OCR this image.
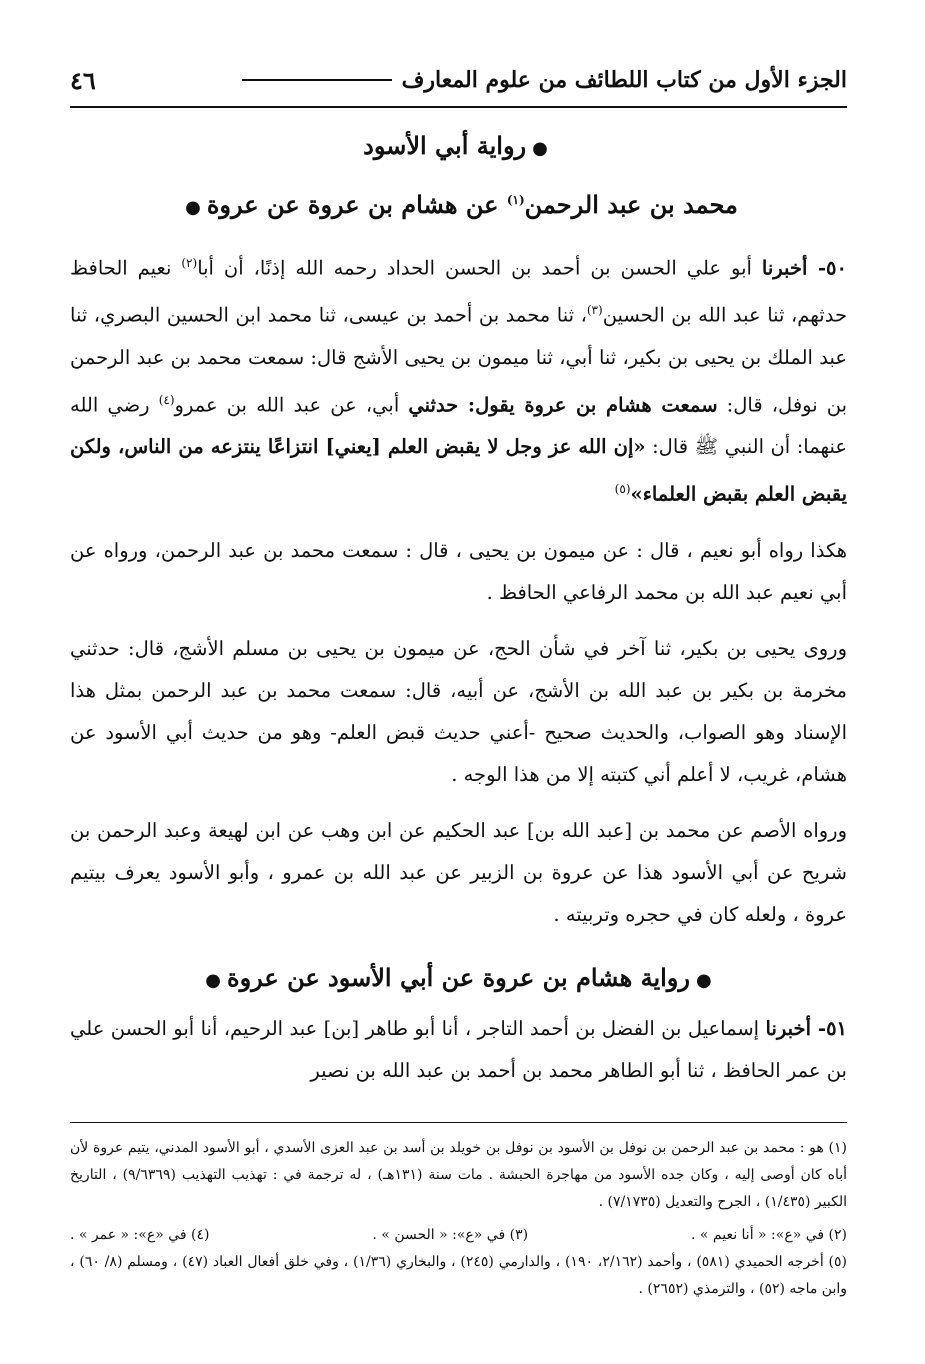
الجزء الأول من كتاب اللطائف من علوم المعارف
٤٦
●رواية أبي الأسود
محمد بن عبد الرحمن$^{(١)}$ عن هشام بن عروة عن عروة●

٥٠- أخبرنا أبو علي الحسن بن أحمد بن الحسن الحداد رحمه الله إذنًا، أن أبا$^{(٢)}$ نعيم الحافظ حدثهم، ثنا عبد الله بن الحسين$^{(٣)}$، ثنا محمد بن أحمد بن عيسى، ثنا محمد ابن الحسين البصري، ثنا عبد الملك بن يحيى بن بكير، ثنا أبي، ثنا ميمون بن يحيى الأشج قال: سمعت محمد بن عبد الرحمن بن نوفل، قال: سمعت هشام بن عروة يقول: حدثني أبي، عن عبد الله بن عمرو$^{(٤)}$ رضي الله عنهما: أن النبي ﷺ قال: «إن الله عز وجل لا يقبض العلم [يعني] انتزاعًا ينتزعه من الناس، ولكن يقبض العلم بقبض العلماء»$^{(٥)}$

هكذا رواه أبو نعيم ، قال : عن ميمون بن يحيى ، قال : سمعت محمد بن عبد الرحمن، ورواه عن أبي نعيم عبد الله بن محمد الرفاعي الحافظ .

وروى يحيى بن بكير، ثنا آخر في شأن الحج، عن ميمون بن يحيى بن مسلم الأشج، قال: حدثني مخرمة بن بكير بن عبد الله بن الأشج، عن أبيه، قال: سمعت محمد بن عبد الرحمن بمثل هذا الإسناد وهو الصواب، والحديث صحيح -أعني حديث قبض العلم- وهو من حديث أبي الأسود عن هشام، غريب، لا أعلم أني كتبته إلا من هذا الوجه .

ورواه الأصم عن محمد بن [عبد الله بن] عبد الحكيم عن ابن وهب عن ابن لهيعة وعبد الرحمن بن شريح عن أبي الأسود هذا عن عروة بن الزبير عن عبد الله بن عمرو ، وأبو الأسود يعرف بيتيم عروة ، ولعله كان في حجره وتربيته .

●رواية هشام بن عروة عن أبي الأسود عن عروة●

٥١- أخبرنا إسماعيل بن الفضل بن أحمد التاجر ، أنا أبو طاهر [بن] عبد الرحيم، أنا أبو الحسن علي بن عمر الحافظ ، ثنا أبو الطاهر محمد بن أحمد بن عبد الله بن نصير

(١) هو : محمد بن عبد الرحمن بن نوفل بن الأسود بن نوفل بن خويلد بن أسد بن عبد العزى الأسدي ، أبو الأسود المدني، يتيم عروة لأن أباه كان أوصى إليه ، وكان جده الأسود من مهاجرة الحبشة . مات سنة (١٣١هـ) ، له ترجمة في : تهذيب التهذيب (٩/٦٣٦٩) ، التاريخ الكبير (١/٤٣٥) ، الجرح والتعديل (٧/١٧٣٥) .

(٢) في «ع»: « أنا نعيم » .
(٣) في «ع»: « الحسن » .
(٤) في «ع»: « عمر » .

(٥) أخرجه الحميدي (٥٨١) ، وأحمد (٢/١٦٢، ١٩٠) ، والدارمي (٢٤٥) ، والبخاري (١/٣٦) ، وفي خلق أفعال العباد (٤٧) ، ومسلم (٨/ ٦٠) ، وابن ماجه (٥٢) ، والترمذي (٢٦٥٢) .
